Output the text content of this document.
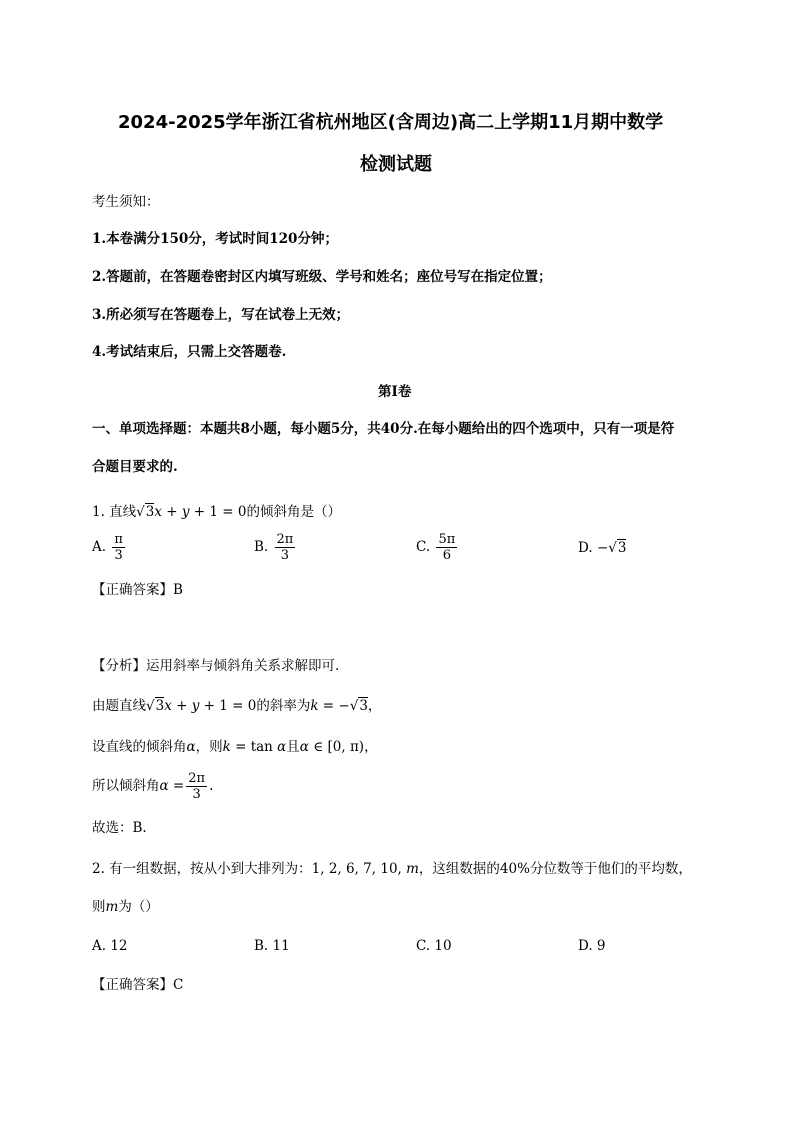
2024-2025学年浙江省杭州地区(含周边)高二上学期11月期中数学
检测试题
考生须知：
1.本卷满分150分，考试时间120分钟；
2.答题前，在答题卷密封区内填写班级、学号和姓名；座位号写在指定位置；
3.所必须写在答题卷上，写在试卷上无效；
4.考试结束后，只需上交答题卷.
第I卷
一、单项选择题：本题共8小题，每小题5分，共40分.在每小题给出的四个选项中，只有一项是符
合题目要求的.
1. 直线√3x + y + 1 = 0的倾斜角是（）
A. $\frac{\pi}{3}$	B. $\frac{2\pi}{3}$	C. $\frac{5\pi}{6}$	D. −√3
【正确答案】B
【分析】运用斜率与倾斜角关系求解即可.
由题直线√3x + y + 1 = 0的斜率为k = −√3，
设直线的倾斜角α，则k = tan α且α ∈ [0, π)，
所以倾斜角$\alpha = \frac{2\pi}{3}$ .
故选：B.
2. 有一组数据，按从小到大排列为：1, 2, 6, 7, 10, m，这组数据的40%分位数等于他们的平均数，
则m为（）
A. 12	B. 11	C. 10	D. 9
【正确答案】C
